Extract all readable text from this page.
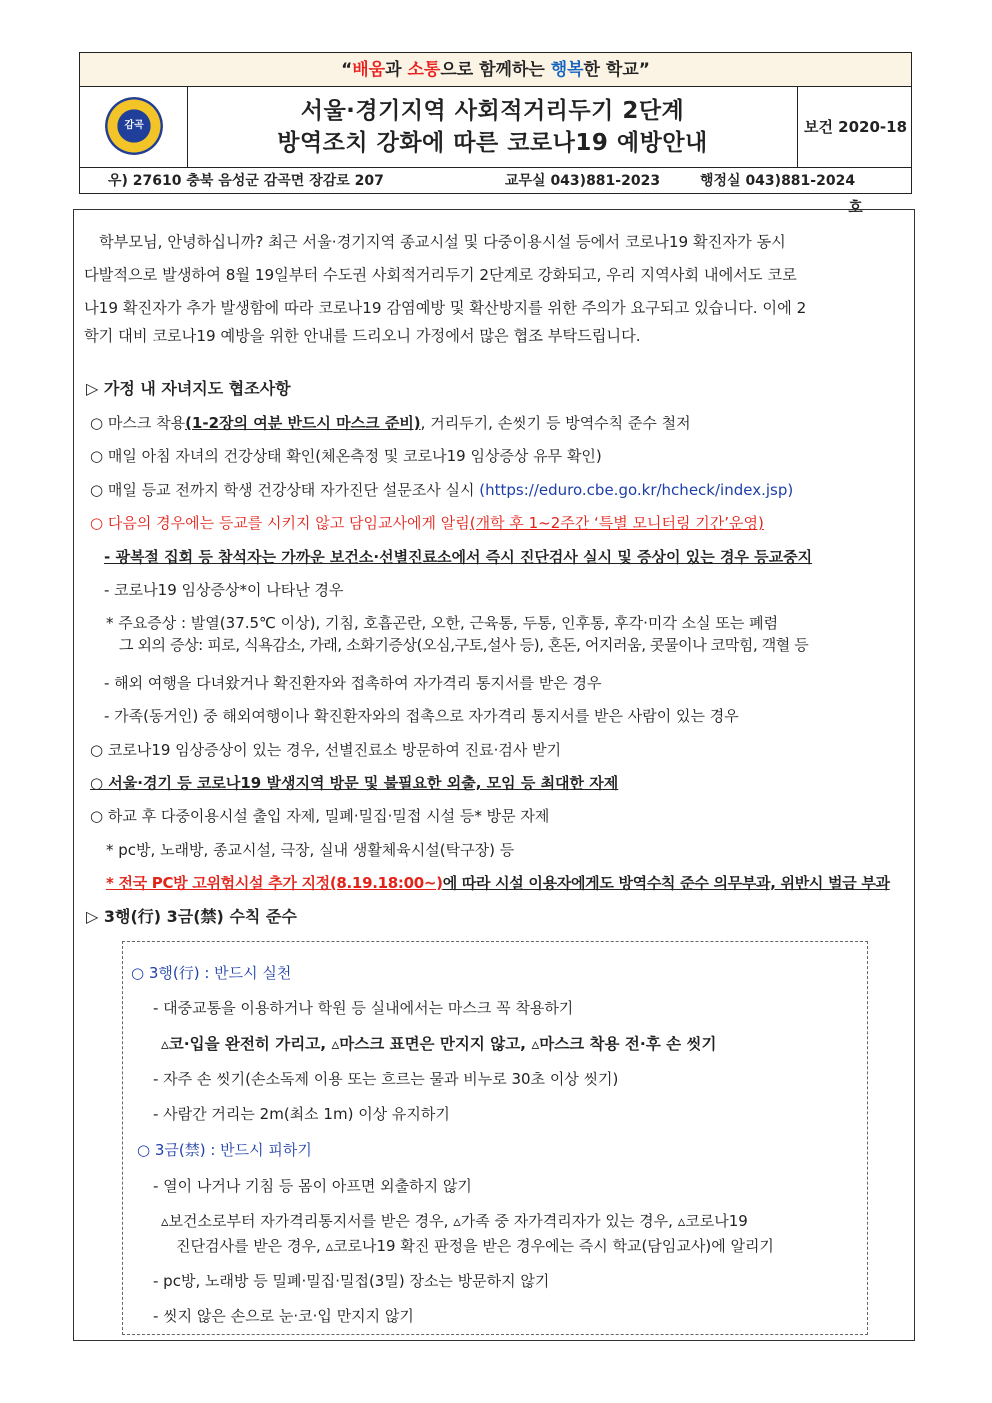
“배움과 소통으로 함께하는 행복한 학교”
감곡
서울·경기지역 사회적거리두기 2단계
방역조치 강화에 따른 코로나19 예방안내
보건 2020-18호
우) 27610 충북 음성군 감곡면 장감로 207	교무실 043)881-2023	행정실 043)881-2024
학부모님, 안녕하십니까? 최근 서울·경기지역 종교시설 및 다중이용시설 등에서 코로나19 확진자가 동시
다발적으로 발생하여 8월 19일부터 수도권 사회적거리두기 2단계로 강화되고, 우리 지역사회 내에서도 코로
나19 확진자가 추가 발생함에 따라 코로나19 감염예방 및 확산방지를 위한 주의가 요구되고 있습니다. 이에 2
학기 대비 코로나19 예방을 위한 안내를 드리오니 가정에서 많은 협조 부탁드립니다.
▷ 가정 내 자녀지도 협조사항
○ 마스크 착용(1-2장의 여분 반드시 마스크 준비), 거리두기, 손씻기 등 방역수칙 준수 철저
○ 매일 아침 자녀의 건강상태 확인(체온측정 및 코로나19 임상증상 유무 확인)
○ 매일 등교 전까지 학생 건강상태 자가진단 설문조사 실시 (https://eduro.cbe.go.kr/hcheck/index.jsp)
○ 다음의 경우에는 등교를 시키지 않고 담임교사에게 알림(개학 후 1~2주간 ‘특별 모니터링 기간’운영)
- 광복절 집회 등 참석자는 가까운 보건소·선별진료소에서 즉시 진단검사 실시 및 증상이 있는 경우 등교중지
- 코로나19 임상증상*이 나타난 경우
* 주요증상 : 발열(37.5℃ 이상), 기침, 호흡곤란, 오한, 근육통, 두통, 인후통, 후각·미각 소실 또는 폐렴
그 외의 증상: 피로, 식욕감소, 가래, 소화기증상(오심,구토,설사 등), 혼돈, 어지러움, 콧물이나 코막힘, 객혈 등
- 해외 여행을 다녀왔거나 확진환자와 접촉하여 자가격리 통지서를 받은 경우
- 가족(동거인) 중 해외여행이나 확진환자와의 접촉으로 자가격리 통지서를 받은 사람이 있는 경우
○ 코로나19 임상증상이 있는 경우, 선별진료소 방문하여 진료·검사 받기
○ 서울·경기 등 코로나19 발생지역 방문 및 불필요한 외출, 모임 등 최대한 자제
○ 하교 후 다중이용시설 출입 자제, 밀폐·밀집·밀접 시설 등* 방문 자제
* pc방, 노래방, 종교시설, 극장, 실내 생활체육시설(탁구장) 등
* 전국 PC방 고위험시설 추가 지정(8.19.18:00~)에 따라 시설 이용자에게도 방역수칙 준수 의무부과, 위반시 벌금 부과
▷ 3행(行) 3금(禁) 수칙 준수
○ 3행(行) : 반드시 실천
- 대중교통을 이용하거나 학원 등 실내에서는 마스크 꼭 착용하기
▵코·입을 완전히 가리고, ▵마스크 표면은 만지지 않고, ▵마스크 착용 전·후 손 씻기
- 자주 손 씻기(손소독제 이용 또는 흐르는 물과 비누로 30초 이상 씻기)
- 사람간 거리는 2m(최소 1m) 이상 유지하기
○ 3금(禁) : 반드시 피하기
- 열이 나거나 기침 등 몸이 아프면 외출하지 않기
▵보건소로부터 자가격리통지서를 받은 경우, ▵가족 중 자가격리자가 있는 경우, ▵코로나19
진단검사를 받은 경우, ▵코로나19 확진 판정을 받은 경우에는 즉시 학교(담임교사)에 알리기
- pc방, 노래방 등 밀폐·밀집·밀접(3밀) 장소는 방문하지 않기
- 씻지 않은 손으로 눈·코·입 만지지 않기
